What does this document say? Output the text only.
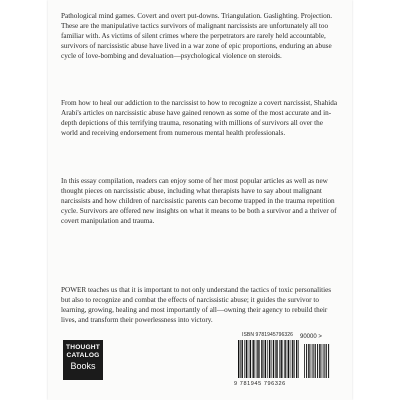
Pathological mind games. Covert and overt put-downs. Triangulation. Gaslighting. Projection. These are the manipulative tactics survivors of malignant narcissists are unfortunately all too familiar with. As victims of silent crimes where the perpetrators are rarely held accountable, survivors of narcissistic abuse have lived in a war zone of epic proportions, enduring an abuse cycle of love-bombing and devaluation—psychological violence on steroids.

From how to heal our addiction to the narcissist to how to recognize a covert narcissist, Shahida Arabi's articles on narcissistic abuse have gained renown as some of the most accurate and in-depth depictions of this terrifying trauma, resonating with millions of survivors all over the world and receiving endorsement from numerous mental health professionals.

In this essay compilation, readers can enjoy some of her most popular articles as well as new thought pieces on narcissistic abuse, including what therapists have to say about malignant narcissists and how children of narcissistic parents can become trapped in the trauma repetition cycle. Survivors are offered new insights on what it means to be both a survivor and a thriver of covert manipulation and trauma.

POWER teaches us that it is important to not only understand the tactics of toxic personalities but also to recognize and combat the effects of narcissistic abuse; it guides the survivor to learning, growing, healing and most importantly of all—owning their agency to rebuild their lives, and transform their powerlessness into victory.

THOUGHT
CATALOG
Books
ISBN 9781945796326 90000 >
9 781945 796326
